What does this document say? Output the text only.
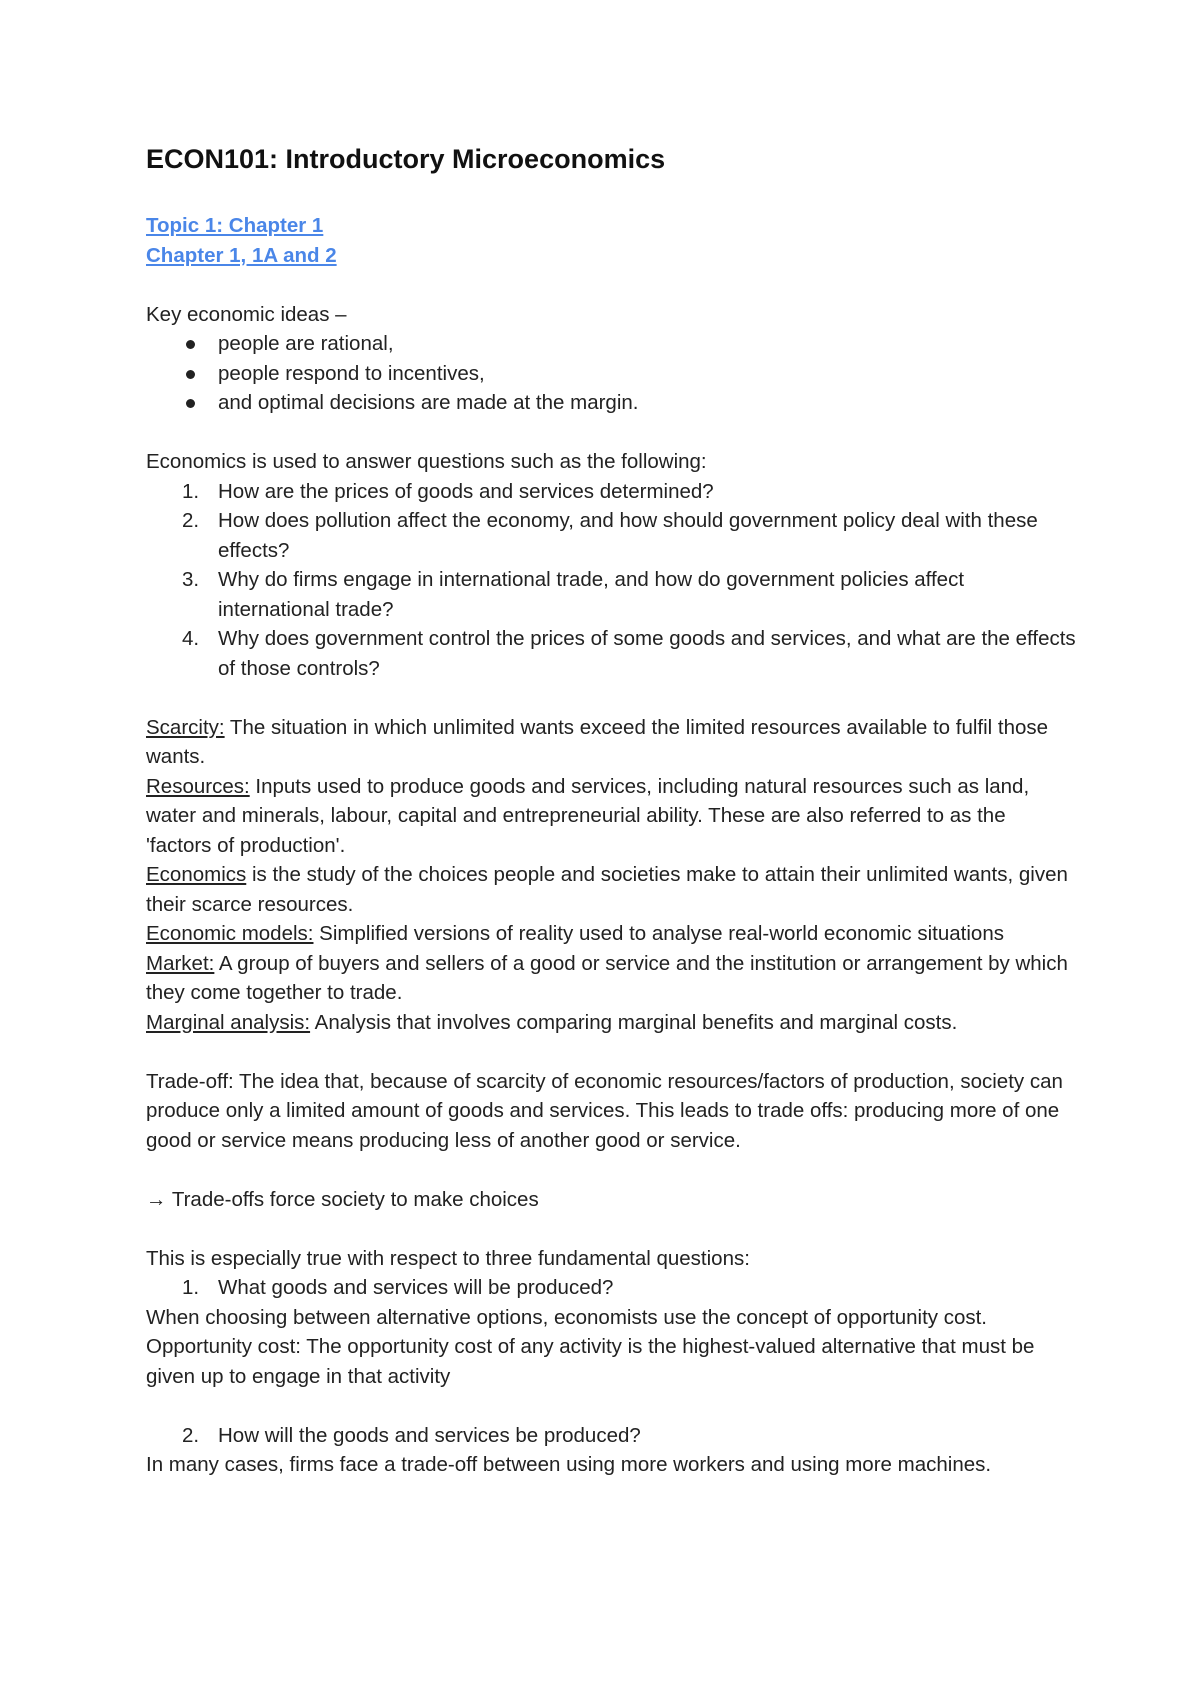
ECON101: Introductory Microeconomics
Topic 1: Chapter 1
Chapter 1, 1A and 2

Key economic ideas –

people are rational,
people respond to incentives,
and optimal decisions are made at the margin.

Economics is used to answer questions such as the following:

1. How are the prices of goods and services determined?
2. How does pollution affect the economy, and how should government policy deal with these effects?
3. Why do firms engage in international trade, and how do government policies affect international trade?
4. Why does government control the prices of some goods and services, and what are the effects of those controls?

Scarcity: The situation in which unlimited wants exceed the limited resources available to fulfil those wants.

Resources: Inputs used to produce goods and services, including natural resources such as land, water and minerals, labour, capital and entrepreneurial ability. These are also referred to as the 'factors of production'.

Economics is the study of the choices people and societies make to attain their unlimited wants, given their scarce resources.

Economic models: Simplified versions of reality used to analyse real-world economic situations

Market: A group of buyers and sellers of a good or service and the institution or arrangement by which they come together to trade.

Marginal analysis: Analysis that involves comparing marginal benefits and marginal costs.

Trade-off: The idea that, because of scarcity of economic resources/factors of production, society can produce only a limited amount of goods and services. This leads to trade offs: producing more of one good or service means producing less of another good or service.

→ Trade-offs force society to make choices

This is especially true with respect to three fundamental questions:

1. What goods and services will be produced?

When choosing between alternative options, economists use the concept of opportunity cost.

Opportunity cost: The opportunity cost of any activity is the highest-valued alternative that must be given up to engage in that activity

2. How will the goods and services be produced?

In many cases, firms face a trade-off between using more workers and using more machines.
